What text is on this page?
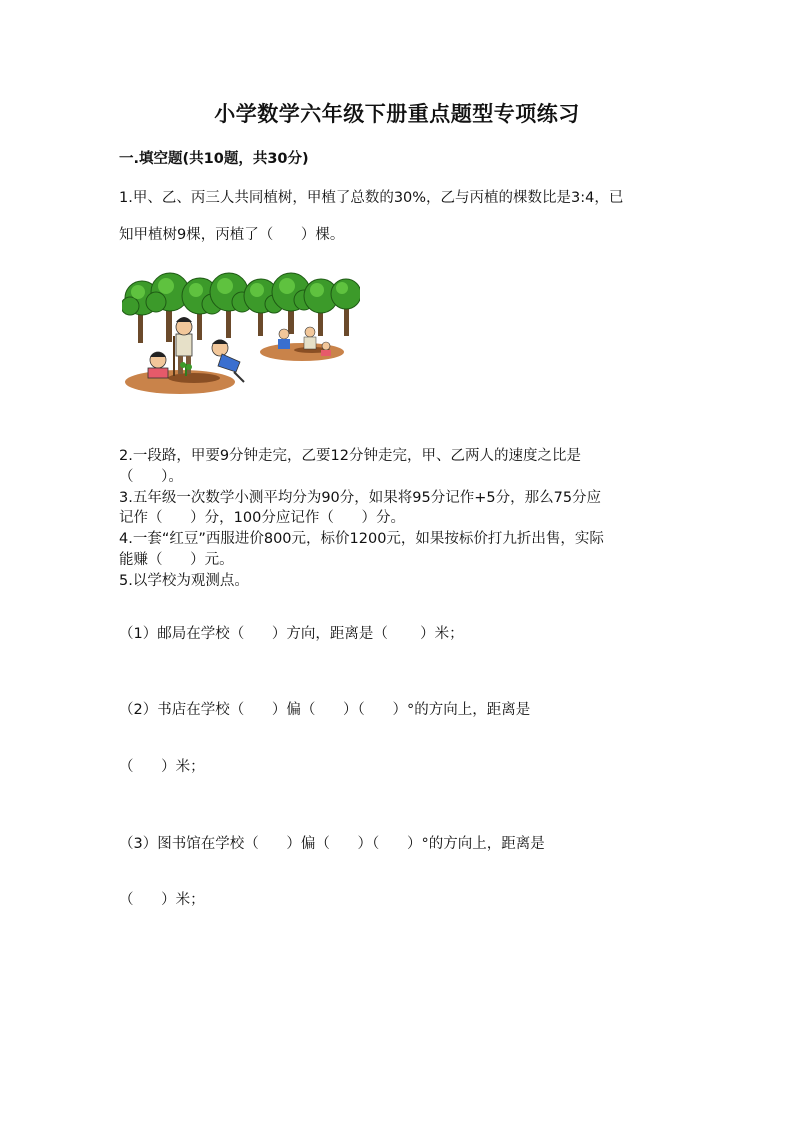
小学数学六年级下册重点题型专项练习
一.填空题(共10题，共30分)
1.甲、乙、丙三人共同植树，甲植了总数的30%，乙与丙植的棵数比是3:4，已
知甲植树9棵，丙植了（      ）棵。
2.一段路，甲要9分钟走完，乙要12分钟走完，甲、乙两人的速度之比是
（      ）。
3.五年级一次数学小测平均分为90分，如果将95分记作+5分，那么75分应
记作（      ）分，100分应记作（      ）分。
4.一套“红豆”西服进价800元，标价1200元，如果按标价打九折出售，实际
能赚（      ）元。
5.以学校为观测点。
（1）邮局在学校（      ）方向，距离是（       ）米；
（2）书店在学校（      ）偏（      ）（      ）°的方向上，距离是
（      ）米；
（3）图书馆在学校（      ）偏（      ）（      ）°的方向上，距离是
（      ）米；
